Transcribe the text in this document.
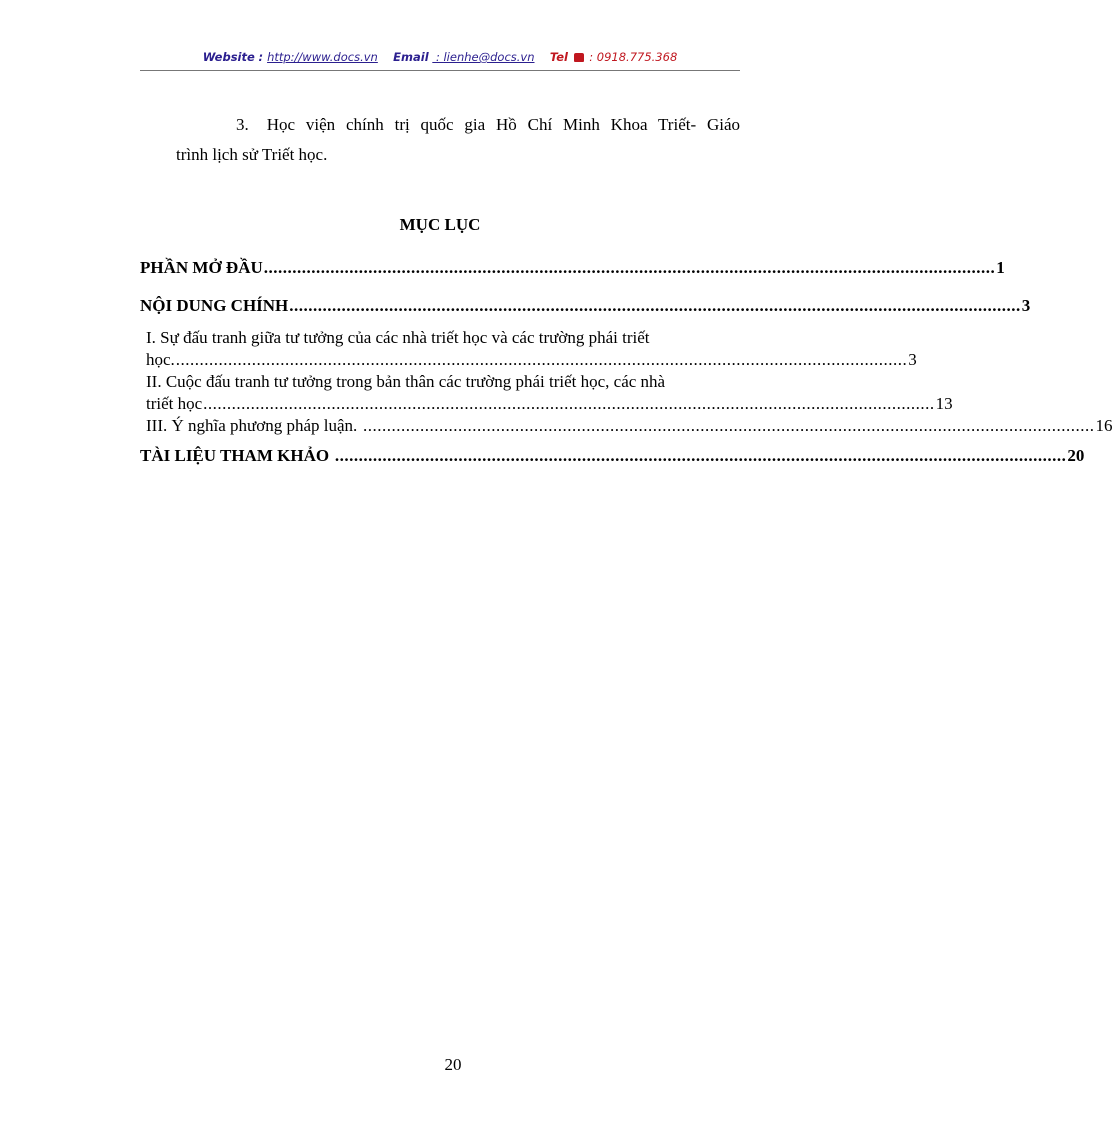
Website : http://www.docs.vn Email  : lienhe@docs.vn Tel : 0918.775.368
3. Học viện chính trị quốc gia Hồ Chí Minh Khoa Triết- Giáo
trình lịch sử Triết học.
MỤC LỤC
PHẦN MỞ ĐẦU .......................................................................................................................................................... 1
NỘI DUNG CHÍNH .......................................................................................................................................................... 3
I. Sự đấu tranh giữa tư tưởng của các nhà triết học và các trường phái triết
học. .......................................................................................................................................................... 3
II. Cuộc đấu tranh tư tưởng trong bản thân các trường phái triết học, các nhà
triết học .......................................................................................................................................................... 13
III. Ý nghĩa phương pháp luận. .......................................................................................................................................................... 16
TÀI LIỆU THAM KHẢO .......................................................................................................................................................... 20
20
